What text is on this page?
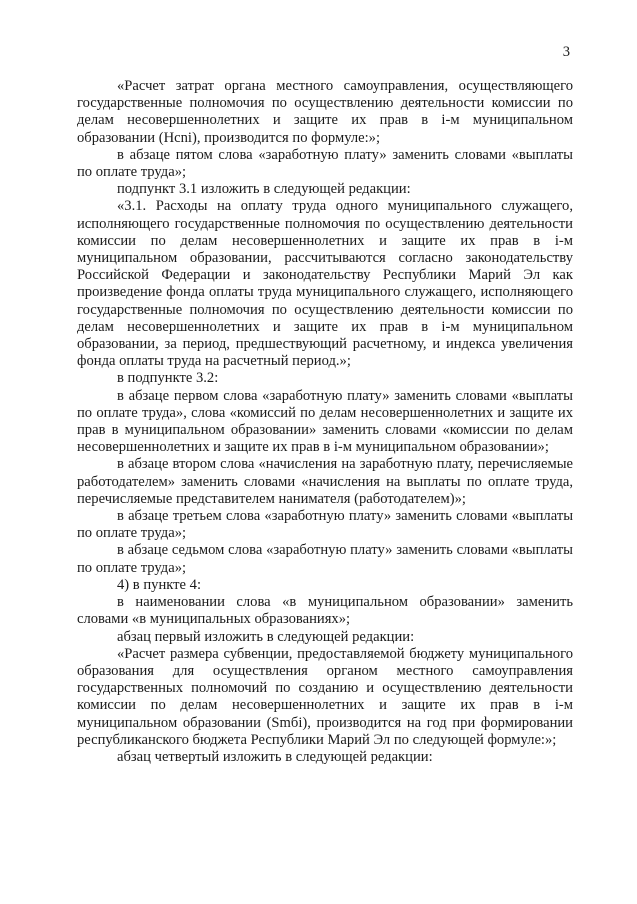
3

«Расчет затрат органа местного самоуправления, осуществляющего государственные полномочия по осуществлению деятельности комиссии по делам несовершеннолетних и защите их прав в i-м муниципальном образовании (Hcni), производится по формуле:»;

в абзаце пятом слова «заработную плату» заменить словами «выплаты по оплате труда»;

подпункт 3.1 изложить в следующей редакции:

«3.1. Расходы на оплату труда одного муниципального служащего, исполняющего государственные полномочия по осуществлению деятельности комиссии по делам несовершеннолетних и защите их прав в i-м муниципальном образовании, рассчитываются согласно законодательству Российской Федерации и законодательству Республики Марий Эл как произведение фонда оплаты труда муниципального служащего, исполняющего государственные полномочия по осуществлению деятельности комиссии по делам несовершеннолетних и защите их прав в i-м муниципальном образовании, за период, предшествующий расчетному, и индекса увеличения фонда оплаты труда на расчетный период.»;

в подпункте 3.2:

в абзаце первом слова «заработную плату» заменить словами «выплаты по оплате труда», слова «комиссий по делам несовершеннолетних и защите их прав в муниципальном образовании» заменить словами «комиссии по делам несовершеннолетних и защите их прав в i-м муниципальном образовании»;

в абзаце втором слова «начисления на заработную плату, перечисляемые работодателем» заменить словами «начисления на выплаты по оплате труда, перечисляемые представителем нанимателя (работодателем)»;

в абзаце третьем слова «заработную плату» заменить словами «выплаты по оплате труда»;

в абзаце седьмом слова «заработную плату» заменить словами «выплаты по оплате труда»;

4) в пункте 4:

в наименовании слова «в муниципальном образовании» заменить словами «в муниципальных образованиях»;

абзац первый изложить в следующей редакции:

«Расчет размера субвенции, предоставляемой бюджету муниципального образования для осуществления органом местного самоуправления государственных полномочий по созданию и осуществлению деятельности комиссии по делам несовершеннолетних и защите их прав в i-м муниципальном образовании (Smбi), производится на год при формировании республиканского бюджета Республики Марий Эл по следующей формуле:»;

абзац четвертый изложить в следующей редакции:
